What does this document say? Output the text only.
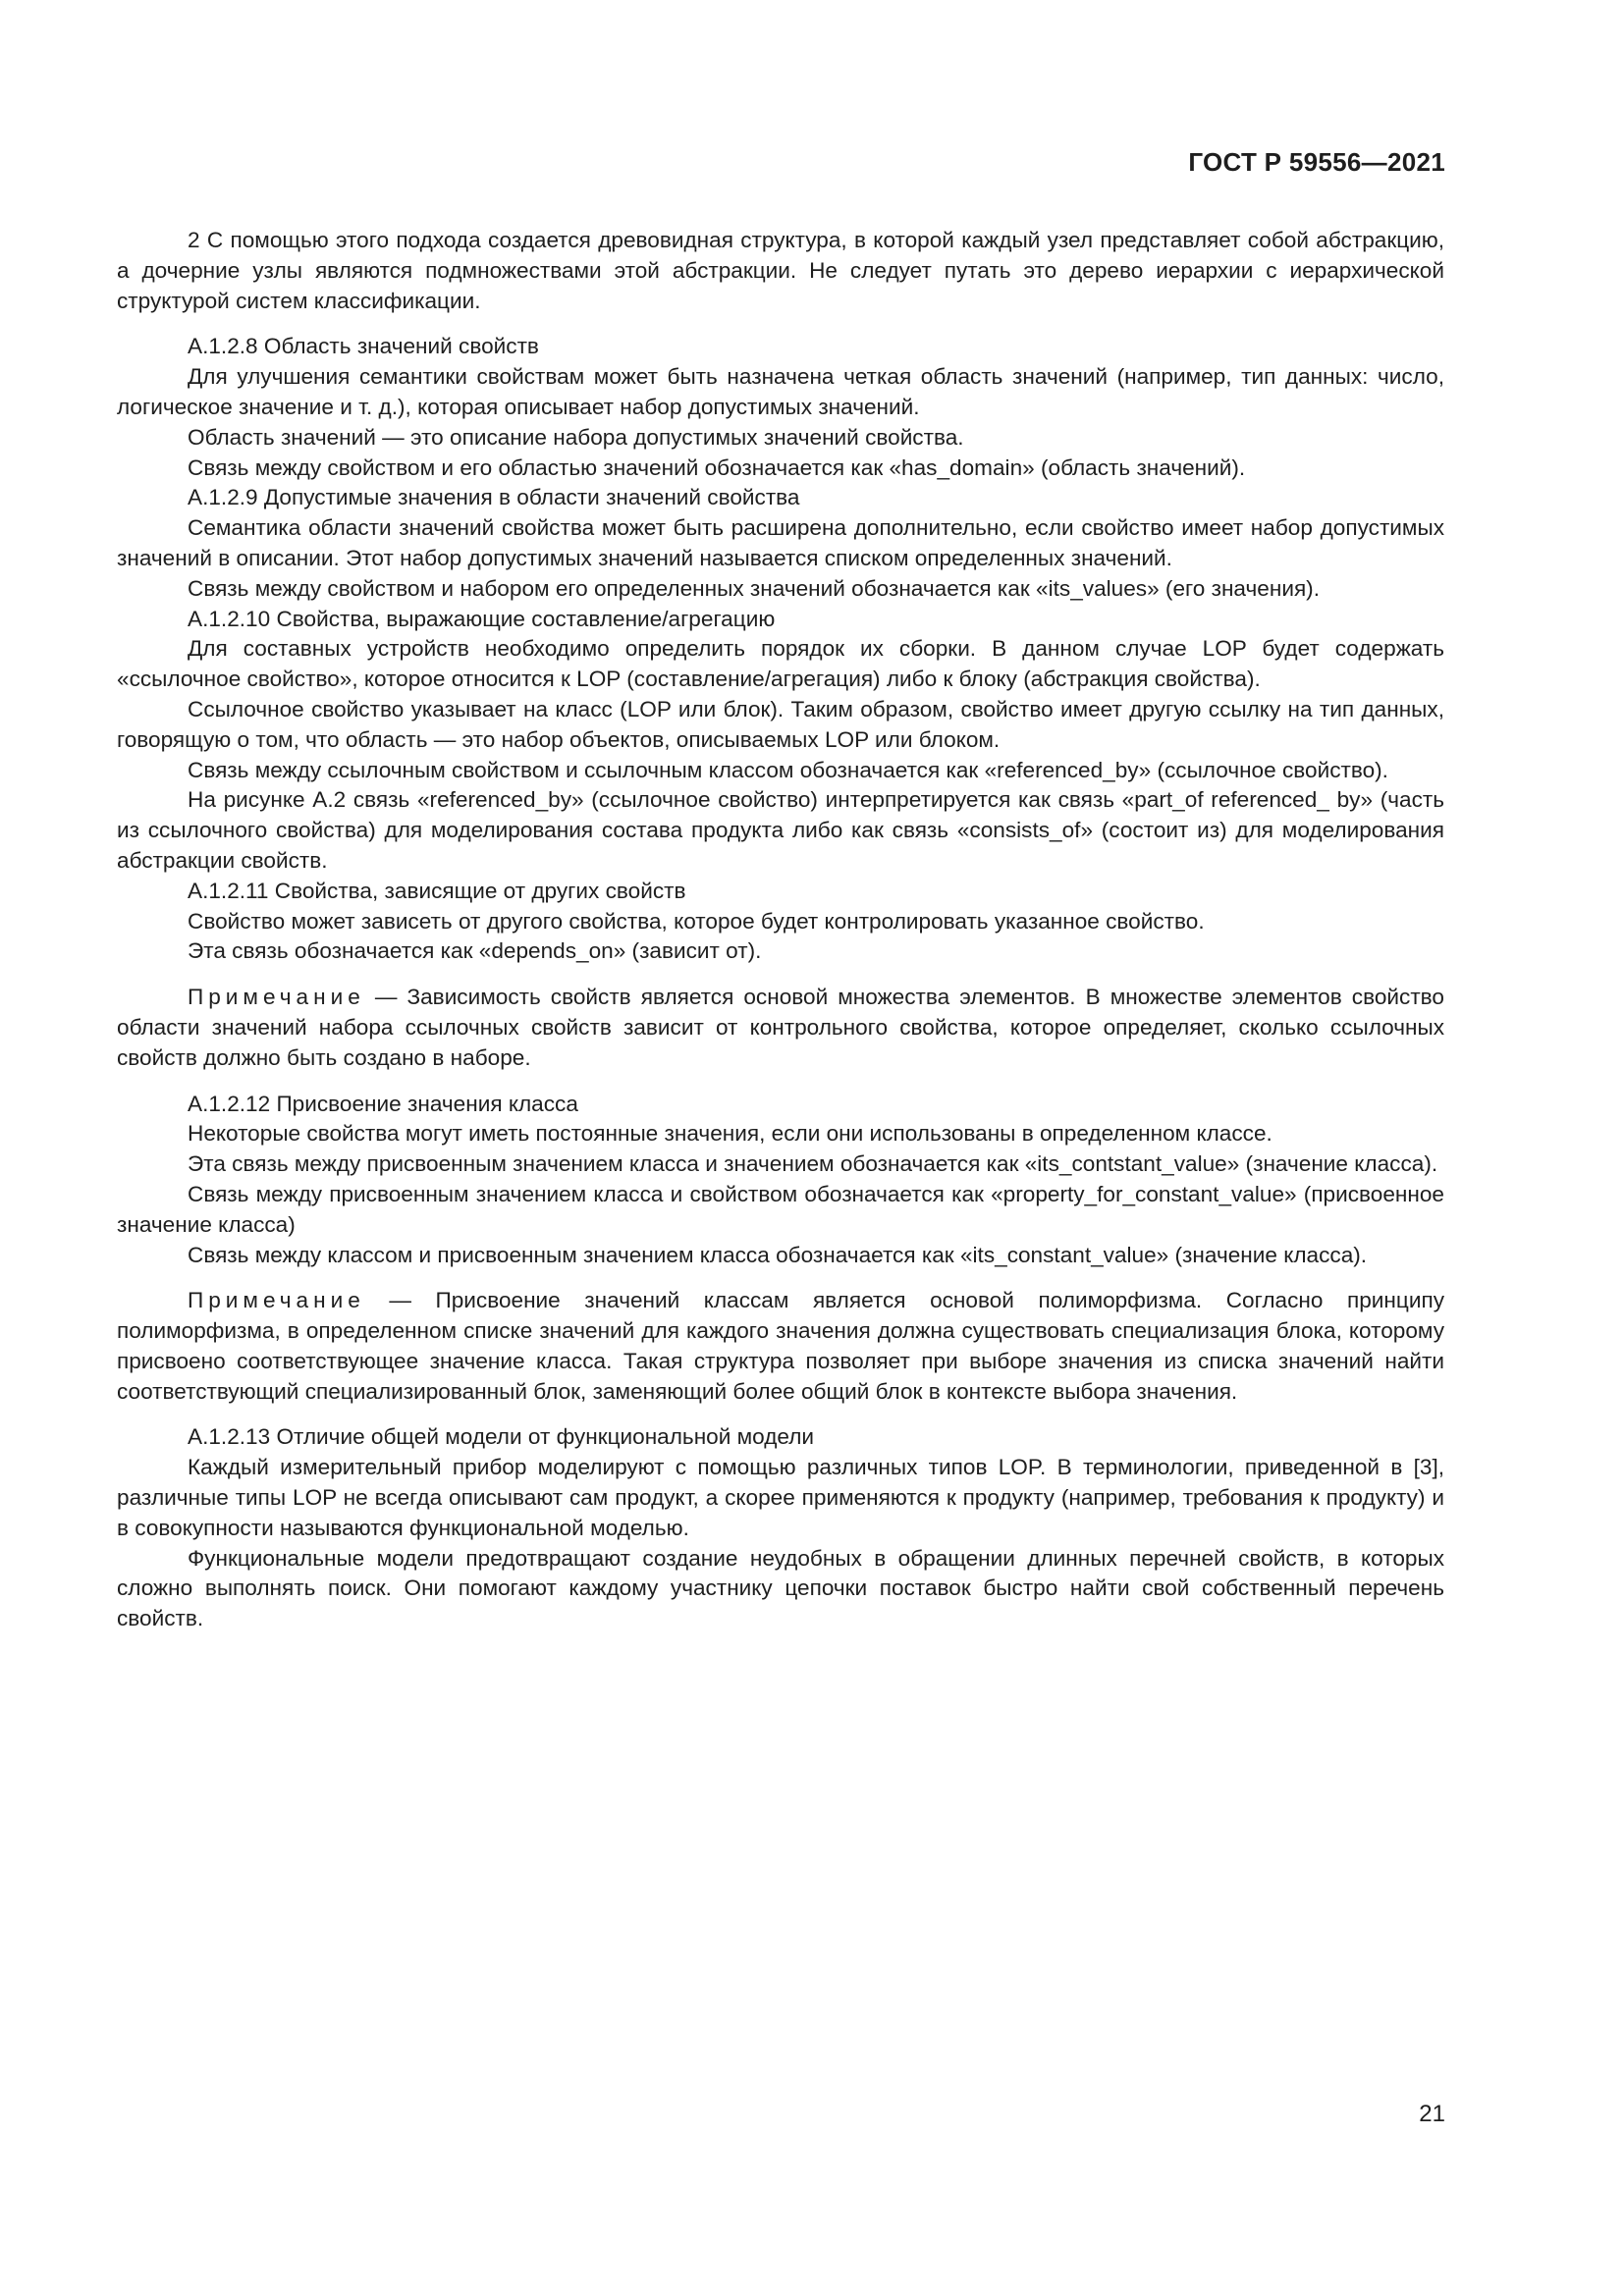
ГОСТ Р 59556—2021

2 С помощью этого подхода создается древовидная структура, в которой каждый узел представляет собой абстракцию, а дочерние узлы являются подмножествами этой абстракции. Не следует путать это дерево иерархии с иерархической структурой систем классификации.

А.1.2.8 Область значений свойств

Для улучшения семантики свойствам может быть назначена четкая область значений (например, тип данных: число, логическое значение и т. д.), которая описывает набор допустимых значений.

Область значений — это описание набора допустимых значений свойства.

Связь между свойством и его областью значений обозначается как «has_domain» (область значений).

А.1.2.9 Допустимые значения в области значений свойства

Семантика области значений свойства может быть расширена дополнительно, если свойство имеет набор допустимых значений в описании. Этот набор допустимых значений называется списком определенных значений.

Связь между свойством и набором его определенных значений обозначается как «its_values» (его значения).

А.1.2.10 Свойства, выражающие составление/агрегацию

Для составных устройств необходимо определить порядок их сборки. В данном случае LOP будет содержать «ссылочное свойство», которое относится к LOP (составление/агрегация) либо к блоку (абстракция свойства).

Ссылочное свойство указывает на класс (LOP или блок). Таким образом, свойство имеет другую ссылку на тип данных, говорящую о том, что область — это набор объектов, описываемых LOP или блоком.

Связь между ссылочным свойством и ссылочным классом обозначается как «referenced_by» (ссылочное свойство).

На рисунке А.2 связь «referenced_by» (ссылочное свойство) интерпретируется как связь «part_of referenced_ by» (часть из ссылочного свойства) для моделирования состава продукта либо как связь «consists_of» (состоит из) для моделирования абстракции свойств.

А.1.2.11 Свойства, зависящие от других свойств

Свойство может зависеть от другого свойства, которое будет контролировать указанное свойство.

Эта связь обозначается как «depends_on» (зависит от).

Примечание — Зависимость свойств является основой множества элементов. В множестве элементов свойство области значений набора ссылочных свойств зависит от контрольного свойства, которое определяет, сколько ссылочных свойств должно быть создано в наборе.

А.1.2.12 Присвоение значения класса

Некоторые свойства могут иметь постоянные значения, если они использованы в определенном классе.

Эта связь между присвоенным значением класса и значением обозначается как «its_contstant_value» (значение класса).

Связь между присвоенным значением класса и свойством обозначается как «property_for_constant_value» (присвоенное значение класса)

Связь между классом и присвоенным значением класса обозначается как «its_constant_value» (значение класса).

Примечание — Присвоение значений классам является основой полиморфизма. Согласно принципу полиморфизма, в определенном списке значений для каждого значения должна существовать специализация блока, которому присвоено соответствующее значение класса. Такая структура позволяет при выборе значения из списка значений найти соответствующий специализированный блок, заменяющий более общий блок в контексте выбора значения.

А.1.2.13 Отличие общей модели от функциональной модели

Каждый измерительный прибор моделируют с помощью различных типов LOP. В терминологии, приведенной в [3], различные типы LOP не всегда описывают сам продукт, а скорее применяются к продукту (например, требования к продукту) и в совокупности называются функциональной моделью.

Функциональные модели предотвращают создание неудобных в обращении длинных перечней свойств, в которых сложно выполнять поиск. Они помогают каждому участнику цепочки поставок быстро найти свой собственный перечень свойств.

21
